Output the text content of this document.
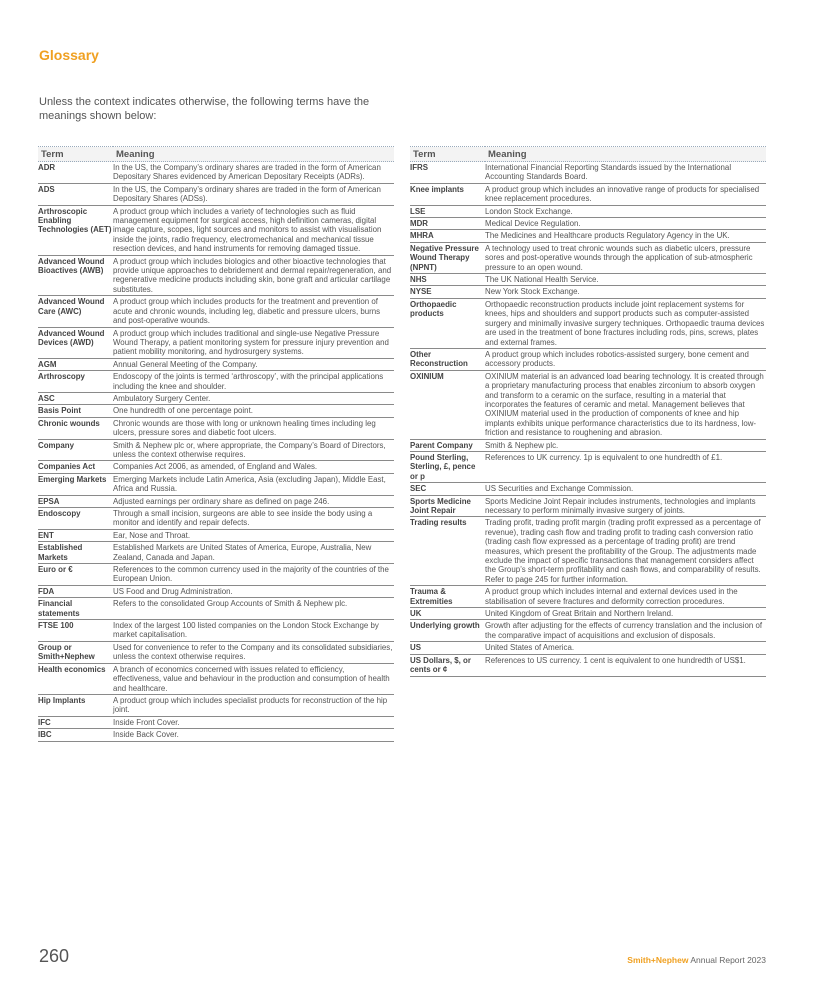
Glossary
Unless the context indicates otherwise, the following terms have the meanings shown below:
Term	Meaning
ADR	In the US, the Company’s ordinary shares are traded in the form of American Depositary Shares evidenced by American Depositary Receipts (ADRs).
ADS	In the US, the Company’s ordinary shares are traded in the form of American Depositary Shares (ADSs).
Arthroscopic Enabling Technologies (AET)	A product group which includes a variety of technologies such as fluid management equipment for surgical access, high definition cameras, digital image capture, scopes, light sources and monitors to assist with visualisation inside the joints, radio frequency, electromechanical and mechanical tissue resection devices, and hand instruments for removing damaged tissue.
Advanced Wound Bioactives (AWB)	A product group which includes biologics and other bioactive technologies that provide unique approaches to debridement and dermal repair/regeneration, and regenerative medicine products including skin, bone graft and articular cartilage substitutes.
Advanced Wound Care (AWC)	A product group which includes products for the treatment and prevention of acute and chronic wounds, including leg, diabetic and pressure ulcers, burns and post-operative wounds.
Advanced Wound Devices (AWD)	A product group which includes traditional and single-use Negative Pressure Wound Therapy, a patient monitoring system for pressure injury prevention and patient mobility monitoring, and hydrosurgery systems.
AGM	Annual General Meeting of the Company.
Arthroscopy	Endoscopy of the joints is termed ‘arthroscopy’, with the principal applications including the knee and shoulder.
ASC	Ambulatory Surgery Center.
Basis Point	One hundredth of one percentage point.
Chronic wounds	Chronic wounds are those with long or unknown healing times including leg ulcers, pressure sores and diabetic foot ulcers.
Company	Smith & Nephew plc or, where appropriate, the Company’s Board of Directors, unless the context otherwise requires.
Companies Act	Companies Act 2006, as amended, of England and Wales.
Emerging Markets	Emerging Markets include Latin America, Asia (excluding Japan), Middle East, Africa and Russia.
EPSA	Adjusted earnings per ordinary share as defined on page 246.
Endoscopy	Through a small incision, surgeons are able to see inside the body using a monitor and identify and repair defects.
ENT	Ear, Nose and Throat.
Established Markets	Established Markets are United States of America, Europe, Australia, New Zealand, Canada and Japan.
Euro or €	References to the common currency used in the majority of the countries of the European Union.
FDA	US Food and Drug Administration.
Financial statements	Refers to the consolidated Group Accounts of Smith & Nephew plc.
FTSE 100	Index of the largest 100 listed companies on the London Stock Exchange by market capitalisation.
Group or Smith+Nephew	Used for convenience to refer to the Company and its consolidated subsidiaries, unless the context otherwise requires.
Health economics	A branch of economics concerned with issues related to efficiency, effectiveness, value and behaviour in the production and consumption of health and healthcare.
Hip Implants	A product group which includes specialist products for reconstruction of the hip joint.
IFC	Inside Front Cover.
IBC	Inside Back Cover.
Term	Meaning
IFRS	International Financial Reporting Standards issued by the International Accounting Standards Board.
Knee implants	A product group which includes an innovative range of products for specialised knee replacement procedures.
LSE	London Stock Exchange.
MDR	Medical Device Regulation.
MHRA	The Medicines and Healthcare products Regulatory Agency in the UK.
Negative Pressure Wound Therapy (NPNT)	A technology used to treat chronic wounds such as diabetic ulcers, pressure sores and post-operative wounds through the application of sub-atmospheric pressure to an open wound.
NHS	The UK National Health Service.
NYSE	New York Stock Exchange.
Orthopaedic products	Orthopaedic reconstruction products include joint replacement systems for knees, hips and shoulders and support products such as computer-assisted surgery and minimally invasive surgery techniques. Orthopaedic trauma devices are used in the treatment of bone fractures including rods, pins, screws, plates and external frames.
Other Reconstruction	A product group which includes robotics-assisted surgery, bone cement and accessory products.
OXINIUM	OXINIUM material is an advanced load bearing technology. It is created through a proprietary manufacturing process that enables zirconium to absorb oxygen and transform to a ceramic on the surface, resulting in a material that incorporates the features of ceramic and metal. Management believes that OXINIUM material used in the production of components of knee and hip implants exhibits unique performance characteristics due to its hardness, low-friction and resistance to roughening and abrasion.
Parent Company	Smith & Nephew plc.
Pound Sterling, Sterling, £, pence or p	References to UK currency. 1p is equivalent to one hundredth of £1.
SEC	US Securities and Exchange Commission.
Sports Medicine Joint Repair	Sports Medicine Joint Repair includes instruments, technologies and implants necessary to perform minimally invasive surgery of joints.
Trading results	Trading profit, trading profit margin (trading profit expressed as a percentage of revenue), trading cash flow and trading profit to trading cash conversion ratio (trading cash flow expressed as a percentage of trading profit) are trend measures, which present the profitability of the Group. The adjustments made exclude the impact of specific transactions that management considers affect the Group’s short-term profitability and cash flows, and comparability of results. Refer to page 245 for further information.
Trauma & Extremities	A product group which includes internal and external devices used in the stabilisation of severe fractures and deformity correction procedures.
UK	United Kingdom of Great Britain and Northern Ireland.
Underlying growth	Growth after adjusting for the effects of currency translation and the inclusion of the comparative impact of acquisitions and exclusion of disposals.
US	United States of America.
US Dollars, $, or cents or ¢	References to US currency. 1 cent is equivalent to one hundredth of US$1.
260	Smith+Nephew Annual Report 2023
